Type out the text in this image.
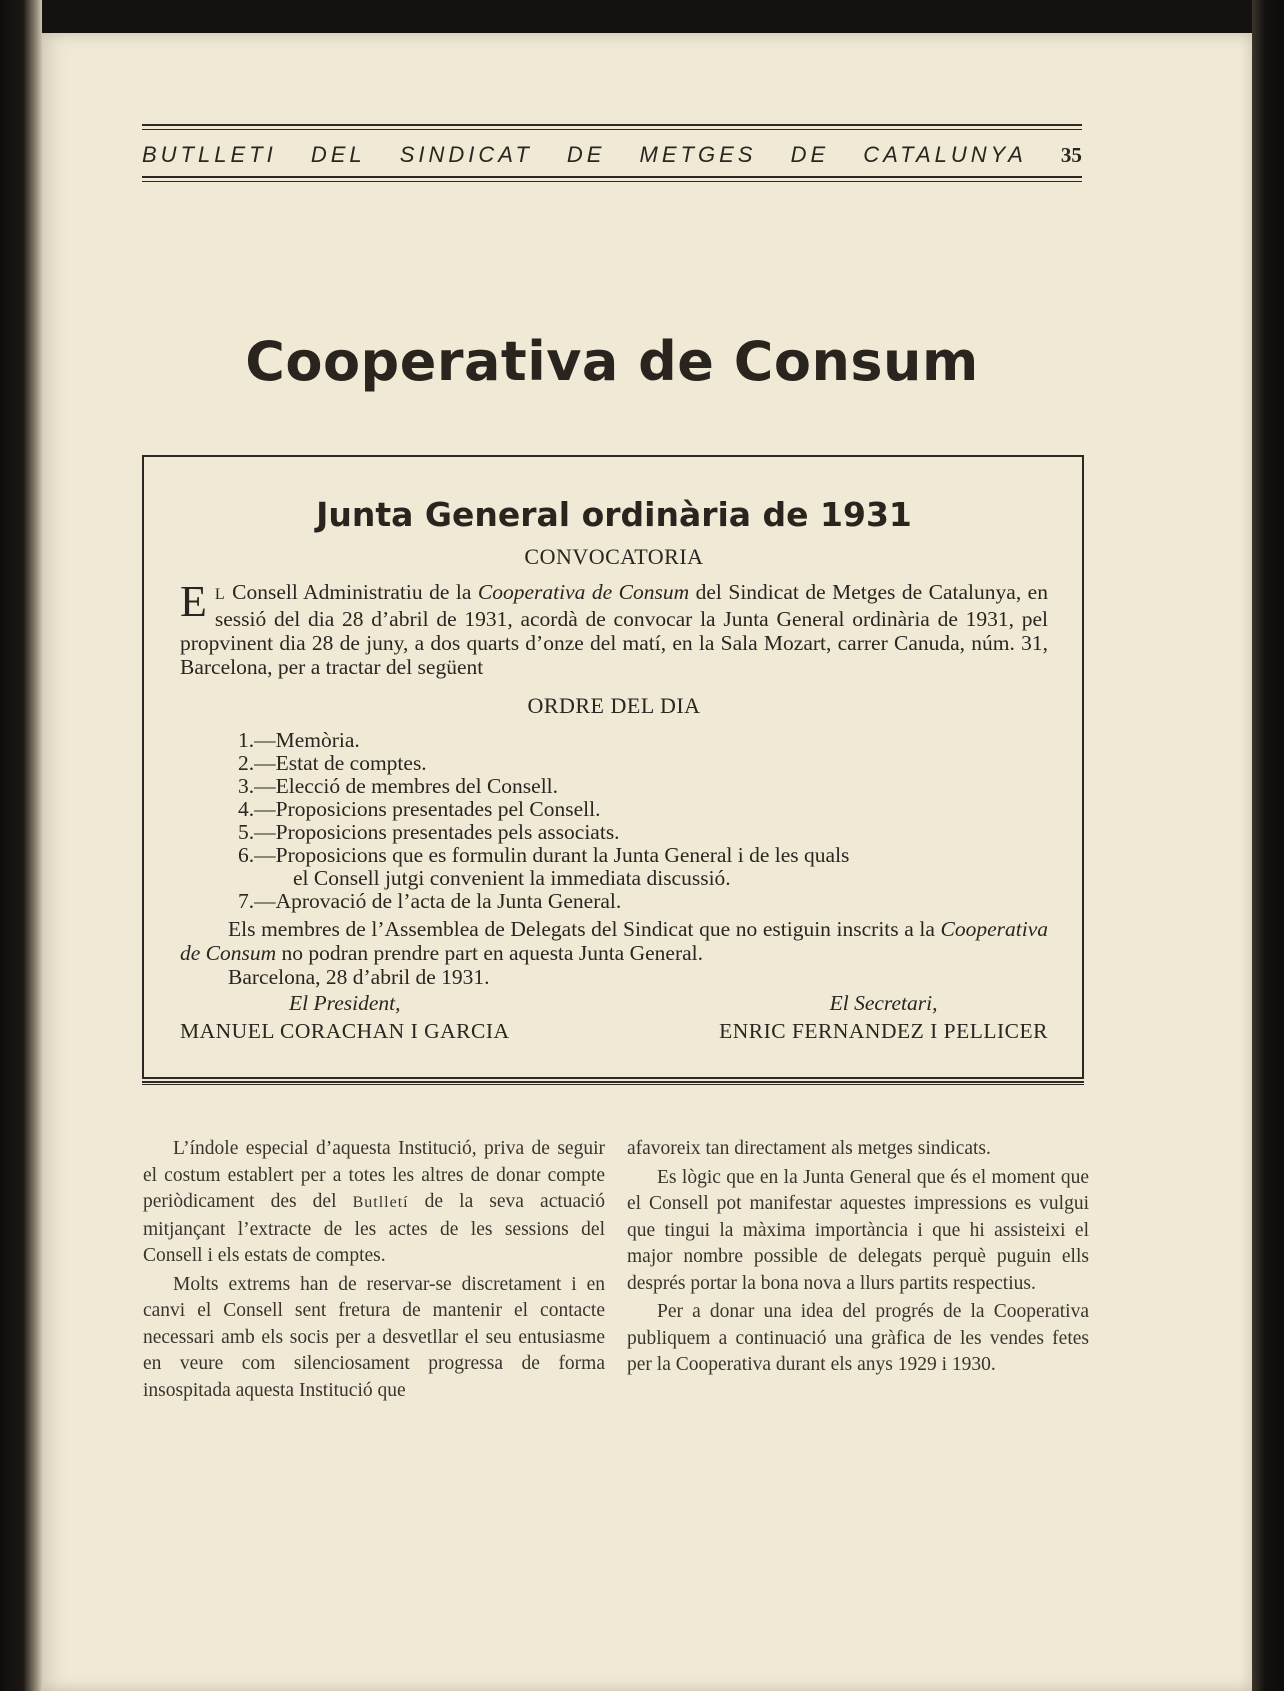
BUTLLETI DEL SINDICAT DE METGES DE CATALUNYA 35
Cooperativa de Consum
Junta General ordinària de 1931
CONVOCATORIA
E L Consell Administratiu de la Cooperativa de Consum del Sindicat de Metges de Catalunya, en sessió del dia 28 d’abril de 1931, acordà de convocar la Junta General ordinària de 1931, pel propvinent dia 28 de juny, a dos quarts d’onze del matí, en la Sala Mozart, carrer Canuda, núm. 31, Barcelona, per a tractar del següent
ORDRE DEL DIA
1.—Memòria.
2.—Estat de comptes.
3.—Elecció de membres del Consell.
4.—Proposicions presentades pel Consell.
5.—Proposicions presentades pels associats.
6.—Proposicions que es formulin durant la Junta General i de les quals
el Consell jutgi convenient la immediata discussió.
7.—Aprovació de l’acta de la Junta General.
Els membres de l’Assemblea de Delegats del Sindicat que no estiguin inscrits a la Cooperativa de Consum no podran prendre part en aquesta Junta General.
Barcelona, 28 d’abril de 1931.
El President,
MANUEL CORACHAN I GARCIA
El Secretari,
ENRIC FERNANDEZ I PELLICER

L’índole especial d’aquesta Institució, priva de seguir el costum establert per a totes les altres de donar compte periòdicament des del Butlletí de la seva actuació mitjançant l’extracte de les actes de les sessions del Consell i els estats de comptes.

Molts extrems han de reservar-se discretament i en canvi el Consell sent fretura de mantenir el contacte necessari amb els socis per a desvetllar el seu entusiasme en veure com silenciosament progressa de forma insospitada aquesta Institució que

afavoreix tan directament als metges sindicats.

Es lògic que en la Junta General que és el moment que el Consell pot manifestar aquestes impressions es vulgui que tingui la màxima importància i que hi assisteixi el major nombre possible de delegats perquè puguin ells després portar la bona nova a llurs partits respectius.

Per a donar una idea del progrés de la Cooperativa publiquem a continuació una gràfica de les vendes fetes per la Cooperativa durant els anys 1929 i 1930.
